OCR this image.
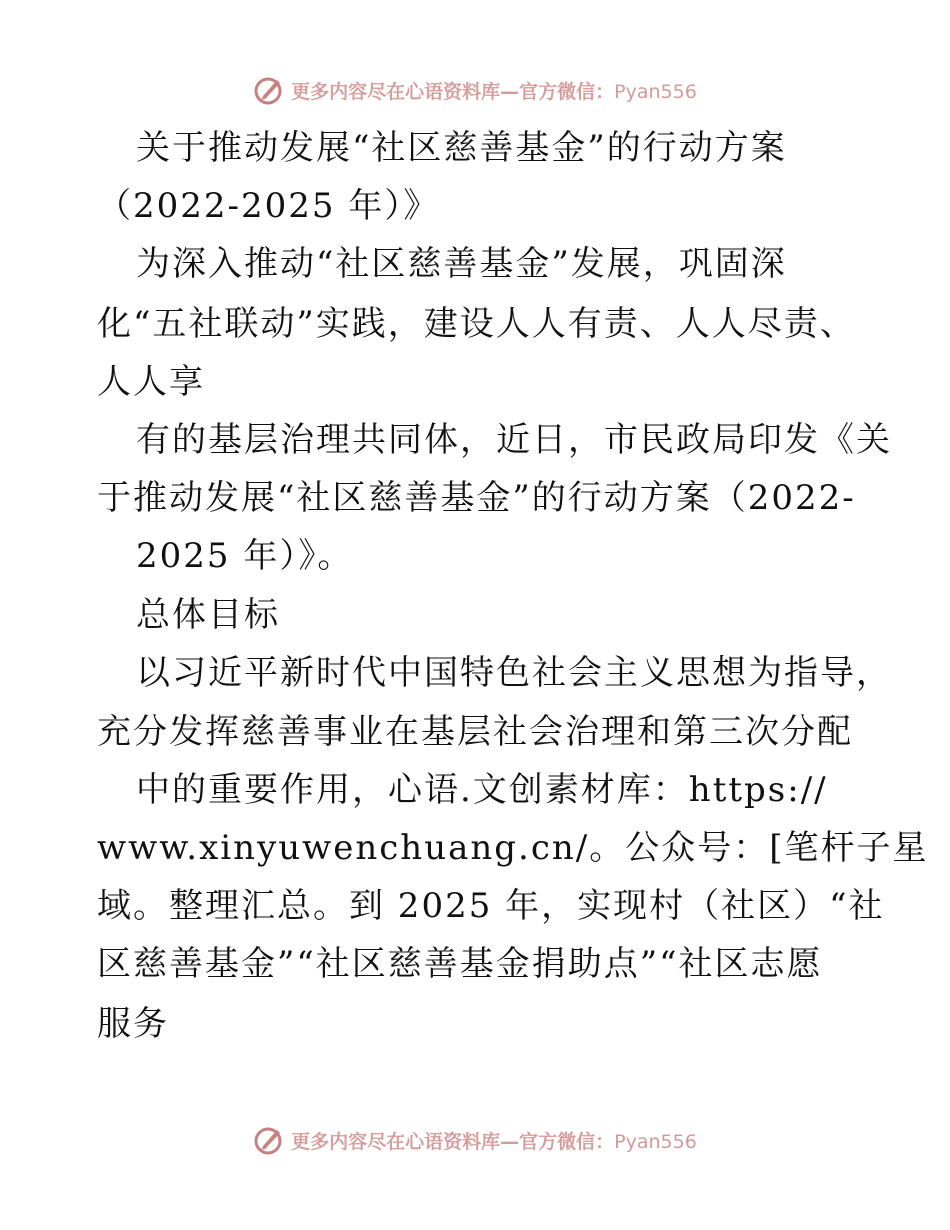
更多内容尽在心语资料库—官方微信：Pyan556
关于推动发展“社区慈善基金”的行动方案
（2022-2025 年）》
为深入推动“社区慈善基金”发展，巩固深
化“五社联动”实践，建设人人有责、人人尽责、
人人享
有的基层治理共同体，近日，市民政局印发《关
于推动发展“社区慈善基金”的行动方案（2022-
2025 年）》。
总体目标
以习近平新时代中国特色社会主义思想为指导，
充分发挥慈善事业在基层社会治理和第三次分配
中的重要作用，心语.文创素材库：https://
www.xinyuwenchuang.cn/。公众号：[笔杆子星
域。整理汇总。到 2025 年，实现村（社区）“社
区慈善基金”“社区慈善基金捐助点”“社区志愿
服务
更多内容尽在心语资料库—官方微信：Pyan556
